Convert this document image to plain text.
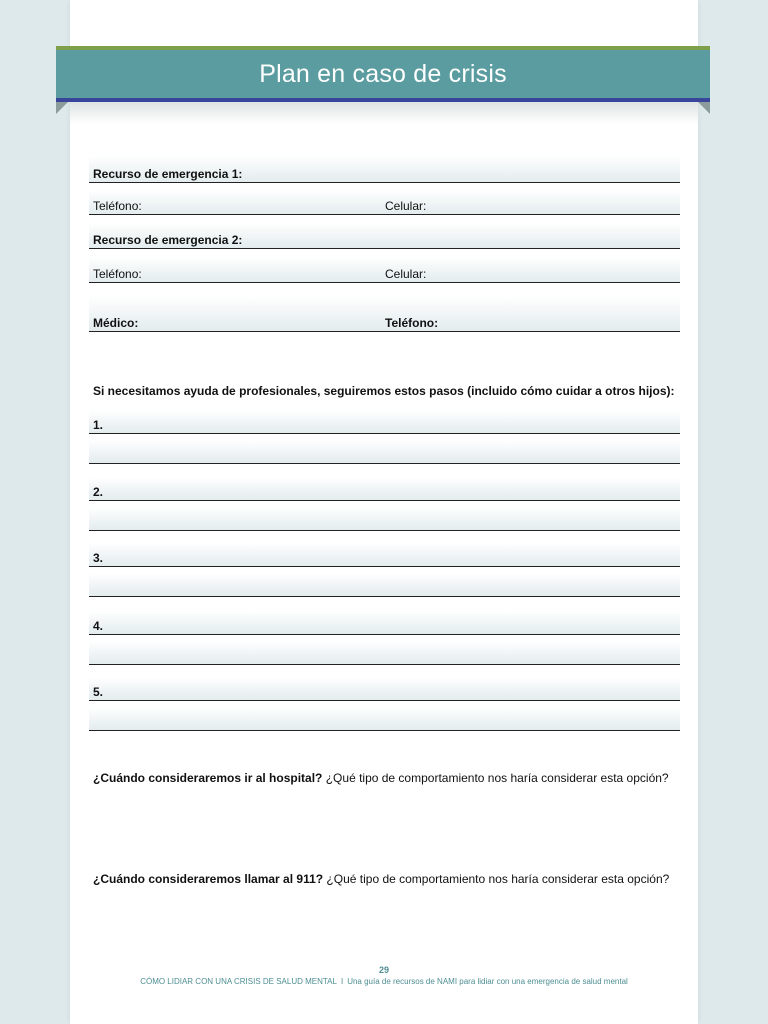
Plan en caso de crisis
Recurso de emergencia 1:
Teléfono:	Celular:
Recurso de emergencia 2:
Teléfono:	Celular:
Médico:	Teléfono:
Si necesitamos ayuda de profesionales, seguiremos estos pasos (incluido cómo cuidar a otros hijos):
1.
2.
3.
4.
5.
¿Cuándo consideraremos ir al hospital? ¿Qué tipo de comportamiento nos haría considerar esta opción?
¿Cuándo consideraremos llamar al 911? ¿Qué tipo de comportamiento nos haría considerar esta opción?
29
CÓMO LIDIAR CON UNA CRISIS DE SALUD MENTAL I Una guía de recursos de NAMI para lidiar con una emergencia de salud mental
